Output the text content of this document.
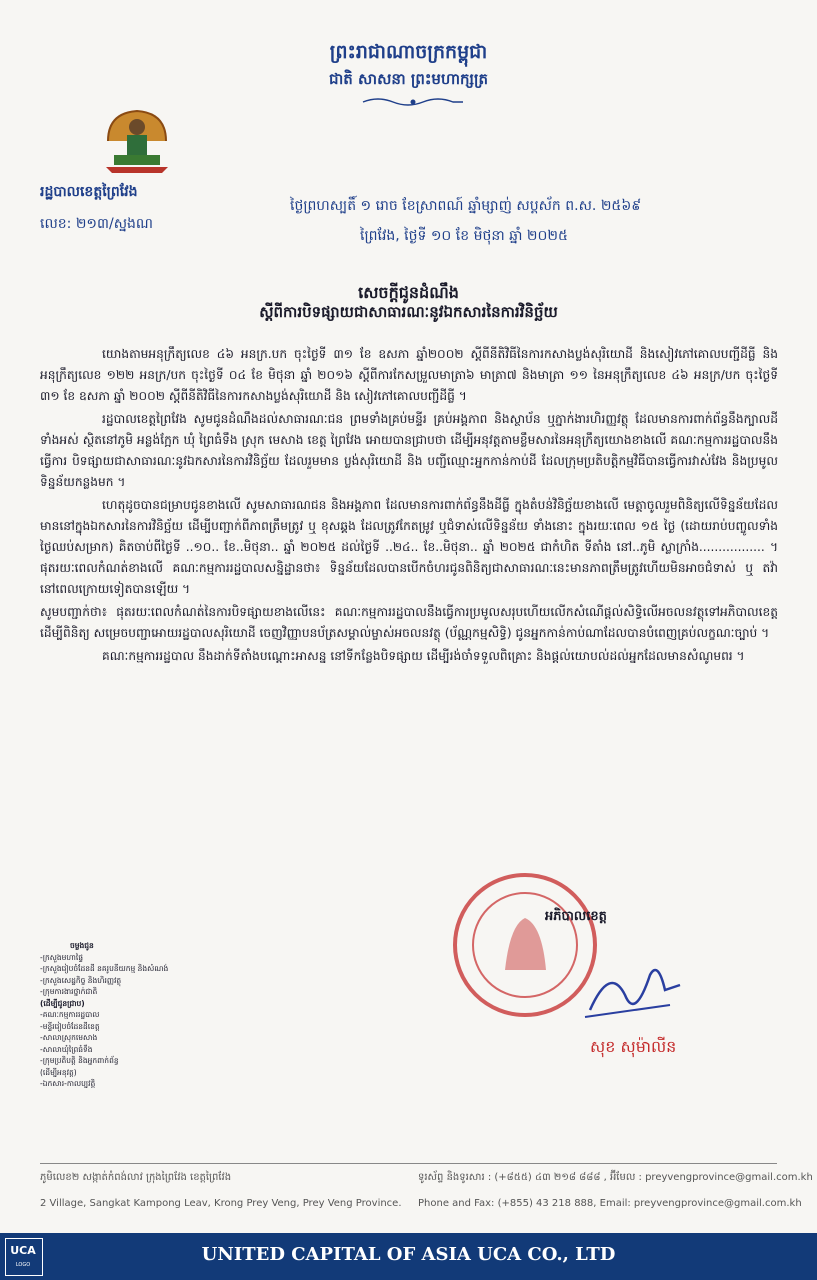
ព្រះរាជាណាចក្រកម្ពុជា
ជាតិ សាសនា ព្រះមហាក្សត្រ
រដ្ឋបាលខេត្តព្រៃវែង
លេខ: ២១៣/ស្នងណ
ថ្ងៃព្រហស្បតិ៍ ១ រោច ខែស្រាពណ៍ ឆ្នាំម្សាញ់ សប្តស័ក ព.ស. ២៥៦៩
ព្រៃវែង, ថ្ងៃទី ១០ ខែ មិថុនា ឆ្នាំ ២០២៥
សេចក្តីជូនដំណឹង
ស្តីពីការបិទផ្សាយជាសាធារណៈនូវឯកសារនៃការវិនិច្ឆ័យ

យោងតាមអនុក្រឹត្យលេខ ៤៦ អនក្រ.បក ចុះថ្ងៃទី ៣១ ខែ ឧសភា ឆ្នាំ២០០២ ស្តីពីនីតិវិធីនៃការកសាងប្លង់សុរិយោដី និងសៀវភៅគោលបញ្ជីដីធ្លី និង អនុក្រឹត្យលេខ ១២២ អនក្រ/បក ចុះថ្ងៃទី ០៤ ខែ មិថុនា ឆ្នាំ ២០១៦ ស្តីពីការកែសម្រួលមាត្រា៦ មាត្រា៧ និងមាត្រា ១១ នៃអនុក្រឹត្យលេខ ៤៦ អនក្រ/បក ចុះថ្ងៃទី ៣១ ខែ ឧសភា ឆ្នាំ ២០០២ ស្តីពីនីតិវិធីនៃការកសាងប្លង់សុរិយោដី និង សៀវភៅគោលបញ្ជីដីធ្លី ។

រដ្ឋបាលខេត្តព្រៃវែង សូមជូនដំណឹងដល់សាធារណៈជន ព្រមទាំងគ្រប់មន្ទីរ គ្រប់អង្គភាព និងស្ថាប័ន ឬភ្នាក់ងារហិរញ្ញវត្ថុ ដែលមានការពាក់ព័ន្ធនឹងក្បាលដីទាំងអស់ ស្ថិតនៅភូមិ អន្លង់ក្អែក ឃុំ ព្រៃធំទឹង ស្រុក មេសាង ខេត្ត ព្រៃវែង អោយបានជ្រាបថា ដើម្បីអនុវត្តតាមខ្លឹមសារនៃអនុក្រឹត្យយោងខាងលើ គណៈកម្មការរដ្ឋបាលនឹងធ្វើការ បិទផ្សាយជាសាធារណៈនូវឯកសារនៃការវិនិច្ឆ័យ ដែលរួមមាន ប្លង់សុរិយោដី និង បញ្ជីឈ្មោះអ្នកកាន់កាប់ដី ដែលក្រុមប្រតិបត្តិកម្មវិធីបានធ្វើការវាស់វែង និងប្រមូលទិន្នន័យកន្លងមក ។

ហេតុដូចបានជម្រាបជូនខាងលើ សូមសាធារណជន និងអង្គភាព ដែលមានការពាក់ព័ន្ធនឹងដីធ្លី ក្នុងតំបន់វិនិច្ឆ័យខាងលើ មេត្តាចូលរួមពិនិត្យលើទិន្នន័យដែលមាននៅក្នុងឯកសារនៃការវិនិច្ឆ័យ ដើម្បីបញ្ជាក់ពីភាពត្រឹមត្រូវ ឬ ខុសឆ្គង ដែលត្រូវកែតម្រូវ ឬជំទាស់លើទិន្នន័យ ទាំងនោះ ក្នុងរយៈពេល ១៥ ថ្ងៃ (ដោយរាប់បញ្ចូលទាំងថ្ងៃឈប់សម្រាក) គិតចាប់ពីថ្ងៃទី ..១០.. ខែ..មិថុនា.. ឆ្នាំ ២០២៥ ដល់ថ្ងៃទី ..២៤.. ខែ..មិថុនា.. ឆ្នាំ ២០២៥ ជាកំហិត ទីតាំង នៅ..ភូមិ ស្លាក្រាំង................. ។ ផុតរយៈពេលកំណត់ខាងលើ គណៈកម្មការរដ្ឋបាលសន្និដ្ឋានថា៖ ទិន្នន័យដែលបានបើកចំហរជូនពិនិត្យជាសាធារណៈនេះមានភាពត្រឹមត្រូវហើយមិនអាចជំទាស់ ឬ តវ៉ានៅពេលក្រោយទៀតបានឡើយ ។

សូមបញ្ជាក់ថា៖ ផុតរយៈពេលកំណត់នៃការបិទផ្សាយខាងលើនេះ គណៈកម្មការរដ្ឋបាលនឹងធ្វើការប្រមូលសរុបហើយលើកសំណើផ្តល់សិទ្ធិលើអចលនវត្ថុទៅអភិបាលខេត្ត ដើម្បីពិនិត្យ សម្រេចបញ្ជាអោយរដ្ឋបាលសុរិយោដី ចេញវិញ្ញាបនប័ត្រសម្គាល់ម្ចាស់អចលនវត្ថុ (ប័ណ្ណកម្មសិទ្ធិ) ជូនអ្នកកាន់កាប់ណាដែលបានបំពេញគ្រប់លក្ខណៈច្បាប់ ។

គណៈកម្មការរដ្ឋបាល នឹងដាក់ទីតាំងបណ្តោះអាសន្ន នៅទីកន្លែងបិទផ្សាយ ដើម្បីរង់ចាំទទួលពិគ្រោះ និងផ្តល់យោបល់ដល់អ្នកដែលមានសំណូមពរ ។

អភិបាលខេត្ត
សុខ សុម៉ាលីន
ចម្លងជូន
-ក្រសួងមហាផ្ទៃ
-ក្រសួងរៀបចំដែនដី នគរូបនីយកម្ម និងសំណង់
-ក្រសួងសេដ្ឋកិច្ច និងហិរញ្ញវត្ថុ
-ក្រុមការងារថ្នាក់ជាតិ
(ដើម្បីជូនជ្រាប)
-គណៈកម្មការរដ្ឋបាល
-មន្ទីររៀបចំដែនដីខេត្ត
-សាលាស្រុកមេសាង
-សាលាឃុំព្រៃធំទឹង
-ក្រុមប្រតិបត្តិ និងអ្នកពាក់ព័ន្ធ
(ដើម្បីអនុវត្ត)
-ឯកសារ-កាលប្បវត្តិ
ភូមិលេខ២ សង្កាត់កំពង់លាវ ក្រុងព្រៃវែង ខេត្តព្រៃវែង
2 Village, Sangkat Kampong Leav, Krong Prey Veng, Prey Veng Province.
ទូរស័ព្ទ និងទូរសារ : (+៨៥៥) ៤៣ ២១៨ ៨៨៨ , អ៊ីមែល : preyvengprovince@gmail.com.kh
Phone and Fax: (+855) 43 218 888, Email: preyvengprovince@gmail.com.kh
UCA
LOGO	UNITED CAPITAL OF ASIA UCA CO., LTD
